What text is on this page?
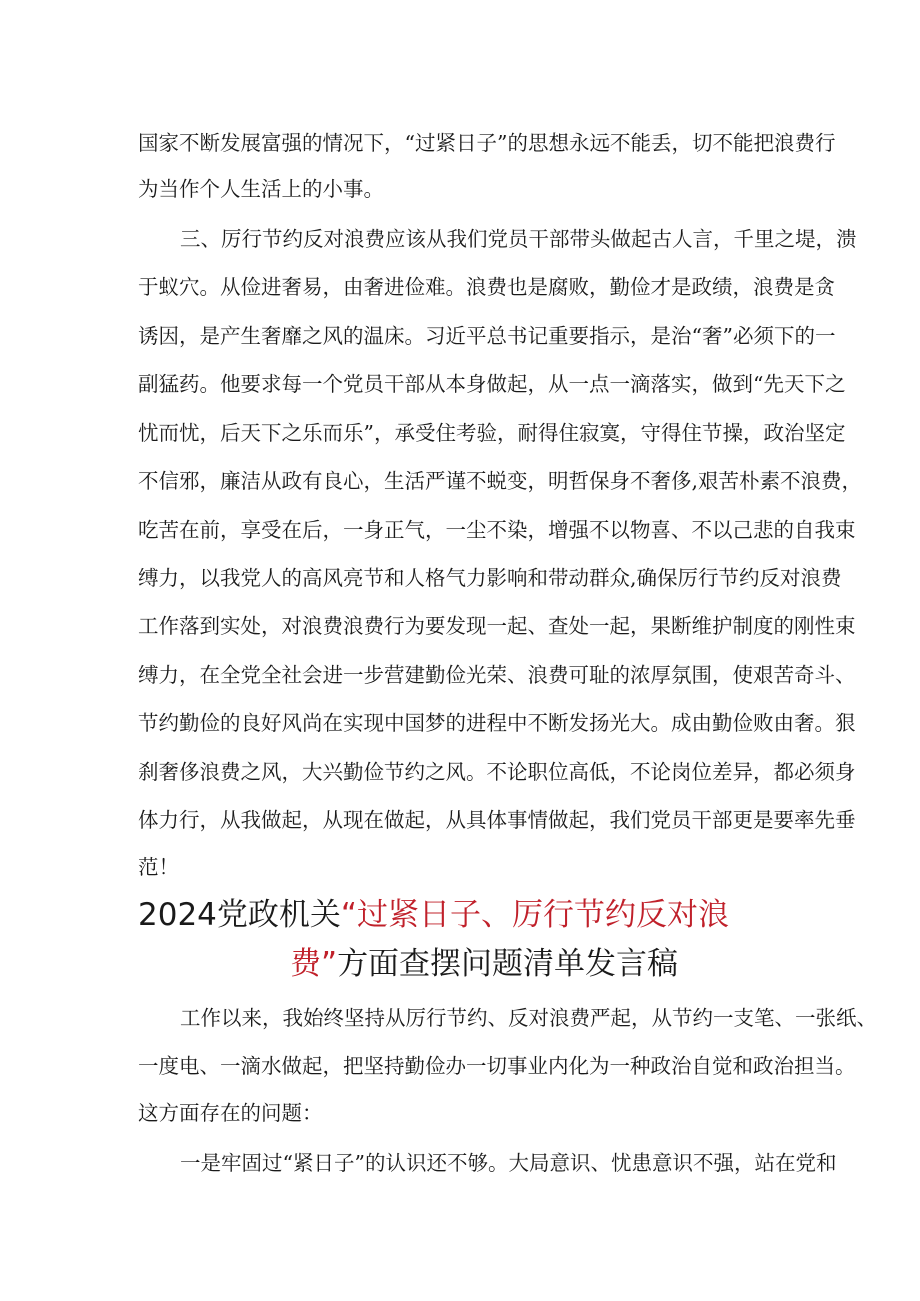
国家不断发展富强的情况下，“过紧日子”的思想永远不能丢，切不能把浪费行
为当作个人生活上的小事。
三、厉行节约反对浪费应该从我们党员干部带头做起古人言，千里之堤，溃
于蚁穴。从俭进奢易，由奢进俭难。浪费也是腐败，勤俭才是政绩，浪费是贪
诱因，是产生奢靡之风的温床。习近平总书记重要指示，是治“奢”必须下的一
副猛药。他要求每一个党员干部从本身做起，从一点一滴落实，做到“先天下之
忧而忧，后天下之乐而乐”，承受住考验，耐得住寂寞，守得住节操，政治坚定
不信邪，廉洁从政有良心，生活严谨不蜕变，明哲保身不奢侈,艰苦朴素不浪费，
吃苦在前，享受在后，一身正气，一尘不染，增强不以物喜、不以己悲的自我束
缚力，以我党人的高风亮节和人格气力影响和带动群众,确保厉行节约反对浪费
工作落到实处，对浪费浪费行为要发现一起、查处一起，果断维护制度的刚性束
缚力，在全党全社会进一步营建勤俭光荣、浪费可耻的浓厚氛围，使艰苦奇斗、
节约勤俭的良好风尚在实现中国梦的进程中不断发扬光大。成由勤俭败由奢。狠
刹奢侈浪费之风，大兴勤俭节约之风。不论职位高低，不论岗位差异，都必须身
体力行，从我做起，从现在做起，从具体事情做起，我们党员干部更是要率先垂
范！
2024党政机关“过紧日子、厉行节约反对浪
费”方面查摆问题清单发言稿
工作以来，我始终坚持从厉行节约、反对浪费严起，从节约一支笔、一张纸、
一度电、一滴水做起，把坚持勤俭办一切事业内化为一种政治自觉和政治担当。
这方面存在的问题：
一是牢固过“紧日子”的认识还不够。大局意识、忧患意识不强，站在党和
